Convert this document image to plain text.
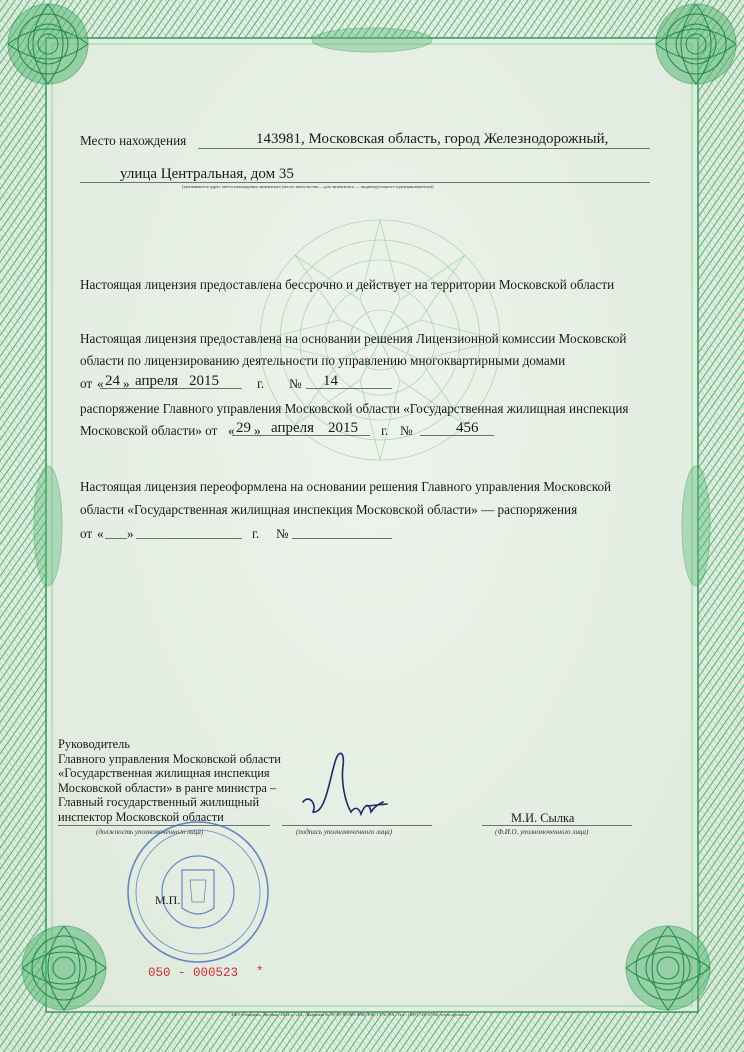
Место нахождения	143981, Московская область, город Железнодорожный,
улица Центральная, дом 35
(указываются адрес места нахождения лицензиата (место жительства —для лицензиата — индивидуального предпринимателя))
Настоящая лицензия предоставлена бессрочно и действует на территории Московской области
Настоящая лицензия предоставлена на основании решения Лицензионной комиссии Московской
области по лицензированию деятельности по управлению многоквартирными домами
от « 24 » апреля 2015	г. № 14
распоряжение Главного управления Московской области «Государственная жилищная инспекция
Московской области» от « 29 » апреля 2015 г. №	456
Настоящая лицензия переоформлена на основании решения Главного управления Московской
области «Государственная жилищная инспекция Московской области» — распоряжения
от « »	г. №
Руководитель
Главного управления Московской области
«Государственная жилищная инспекция
Московской области» в ранге министра –
Главный государственный жилищный
инспектор Московской области
(должность уполномоченного лица)	(подпись уполномоченного лица)
М.И. Сылка
(Ф.И.О. уполномоченного лица)
М.П.
050 - 000523 *
ЗАО «Опцион», Москва, 2014 г., «Б», Лицензия № 05-05-05/003 ФНС РФ, ТЗ № 891. Тел.: (495) 726-47-40, www.opcion.ru
